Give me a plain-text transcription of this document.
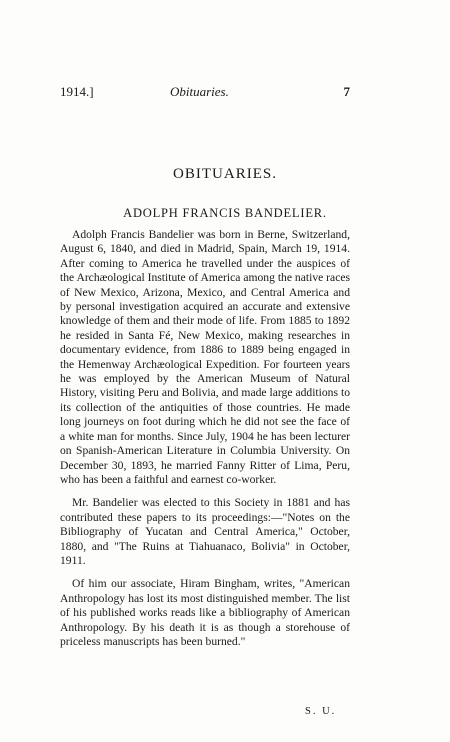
1914.]	Obituaries.	7
OBITUARIES.
ADOLPH FRANCIS BANDELIER.

Adolph Francis Bandelier was born in Berne, Switzerland, August 6, 1840, and died in Madrid, Spain, March 19, 1914. After coming to America he travelled under the auspices of the Archæological Institute of America among the native races of New Mexico, Arizona, Mexico, and Central America and by personal investigation acquired an accurate and extensive knowledge of them and their mode of life. From 1885 to 1892 he resided in Santa Fé, New Mexico, making researches in documentary evidence, from 1886 to 1889 being engaged in the Hemenway Archæological Expedition. For fourteen years he was employed by the American Museum of Natural History, visiting Peru and Bolivia, and made large additions to its collection of the antiquities of those countries. He made long journeys on foot during which he did not see the face of a white man for months. Since July, 1904 he has been lecturer on Spanish-American Literature in Columbia University. On December 30, 1893, he married Fanny Ritter of Lima, Peru, who has been a faithful and earnest co-worker.

Mr. Bandelier was elected to this Society in 1881 and has contributed these papers to its proceedings:—"Notes on the Bibliography of Yucatan and Central America," October, 1880, and "The Ruins at Tiahuanaco, Bolivia" in October, 1911.

Of him our associate, Hiram Bingham, writes, "American Anthropology has lost its most distinguished member. The list of his published works reads like a bibliography of American Anthropology. By his death it is as though a storehouse of priceless manuscripts has been burned."

S. U.
